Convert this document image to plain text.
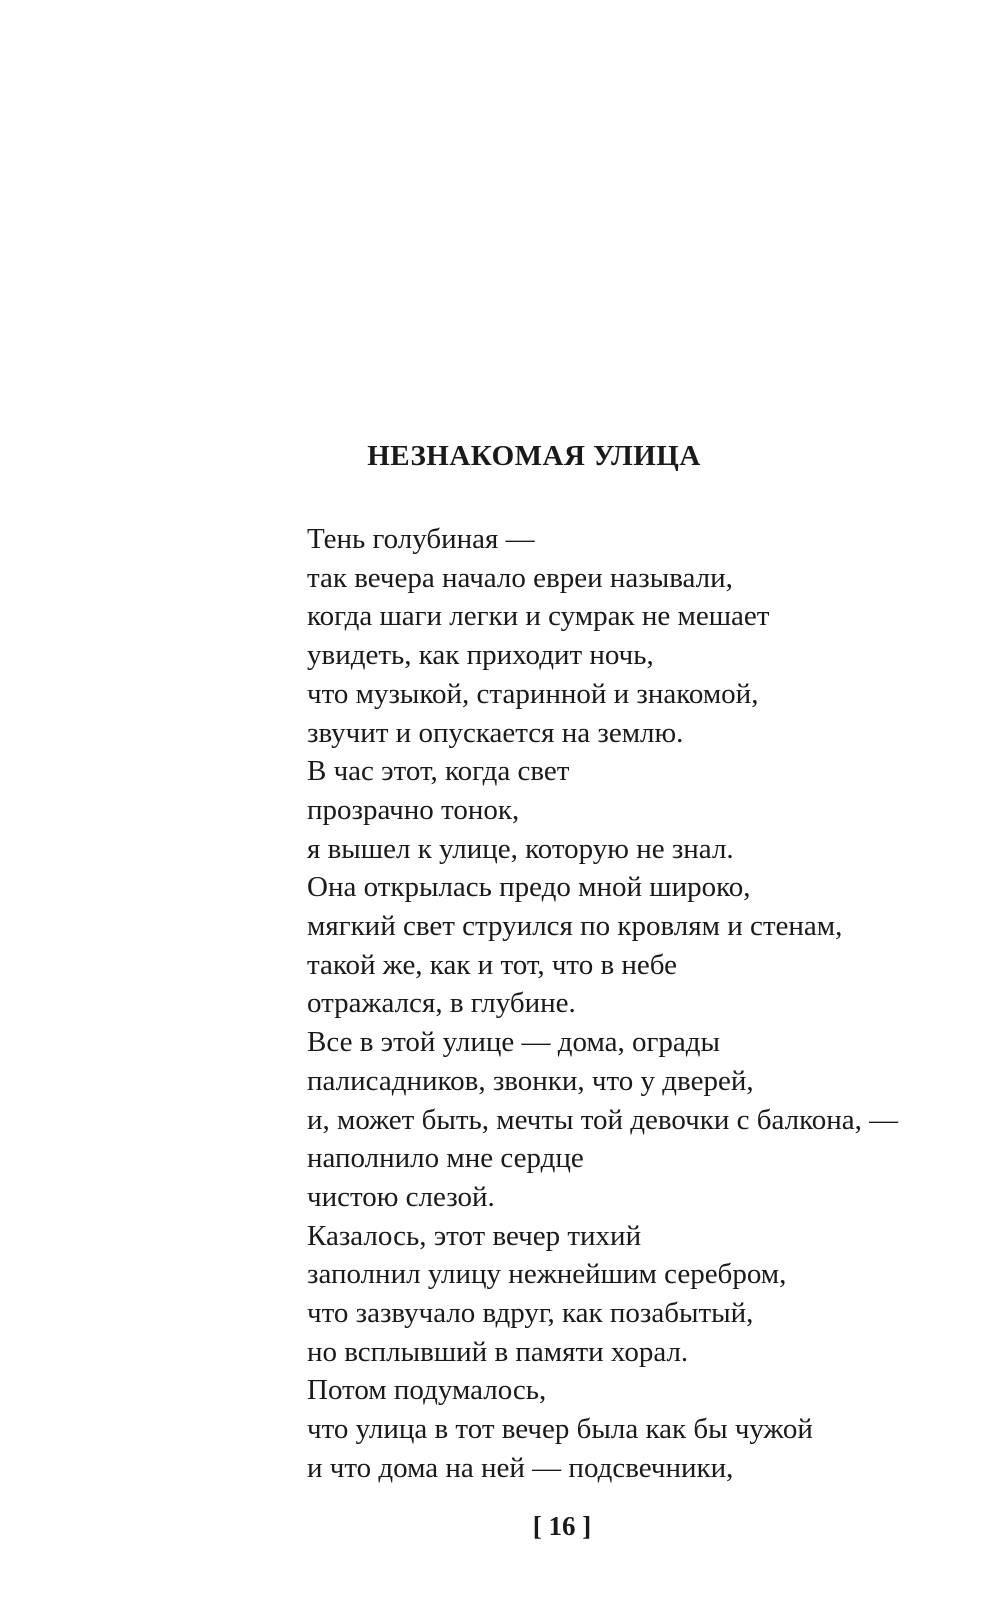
НЕЗНАКОМАЯ УЛИЦА
Тень голубиная —
так вечера начало евреи называли,
когда шаги легки и сумрак не мешает
увидеть, как приходит ночь,
что музыкой, старинной и знакомой,
звучит и опускается на землю.
В час этот, когда свет
прозрачно тонок,
я вышел к улице, которую не знал.
Она открылась предо мной широко,
мягкий свет струился по кровлям и стенам,
такой же, как и тот, что в небе
отражался, в глубине.
Все в этой улице — дома, ограды
палисадников, звонки, что у дверей,
и, может быть, мечты той девочки с балкона, —
наполнило мне сердце
чистою слезой.
Казалось, этот вечер тихий
заполнил улицу нежнейшим серебром,
что зазвучало вдруг, как позабытый,
но всплывший в памяти хорал.
Потом подумалось,
что улица в тот вечер была как бы чужой
и что дома на ней — подсвечники,
[ 16 ]
